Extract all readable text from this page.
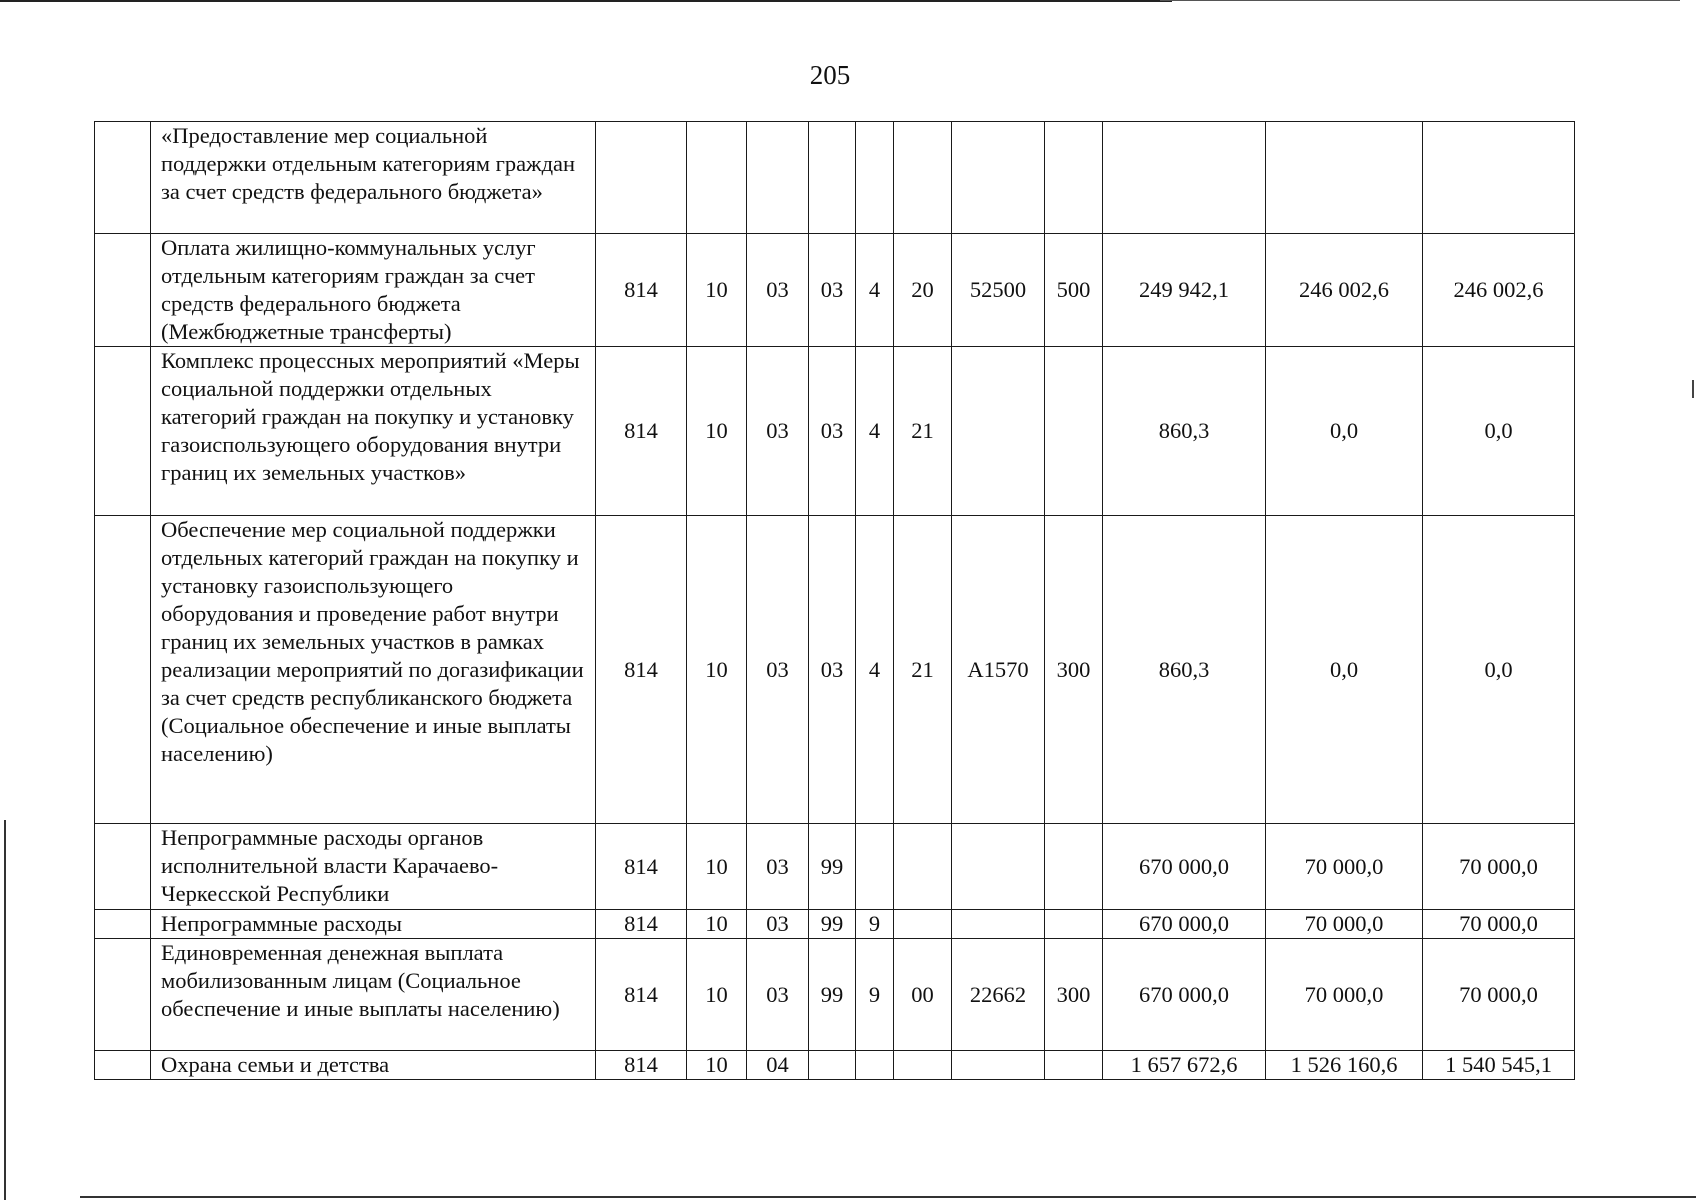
205
	«Предоставление мер социальной поддержки отдельным категориям граждан за счет средств федерального бюджета»											
	Оплата жилищно-коммунальных услуг отдельным категориям граждан за счет средств федерального бюджета (Межбюджетные трансферты)	814	10	03	03	4	20	52500	500	249 942,1	246 002,6	246 002,6
	Комплекс процессных мероприятий «Меры социальной поддержки отдельных категорий граждан на покупку и установку газоиспользующего оборудования внутри границ их земельных участков»	814	10	03	03	4	21			860,3	0,0	0,0
	Обеспечение мер социальной поддержки отдельных категорий граждан на покупку и установку газоиспользующего оборудования и проведение работ внутри границ их земельных участков в рамках реализации мероприятий по догазификации за счет средств республиканского бюджета (Социальное обеспечение и иные выплаты населению)	814	10	03	03	4	21	А1570	300	860,3	0,0	0,0
	Непрограммные расходы органов исполнительной власти Карачаево-Черкесской Республики	814	10	03	99					670 000,0	70 000,0	70 000,0
	Непрограммные расходы	814	10	03	99	9				670 000,0	70 000,0	70 000,0
	Единовременная денежная выплата мобилизованным лицам (Социальное обеспечение и иные выплаты населению)	814	10	03	99	9	00	22662	300	670 000,0	70 000,0	70 000,0
	Охрана семьи и детства	814	10	04						1 657 672,6	1 526 160,6	1 540 545,1
